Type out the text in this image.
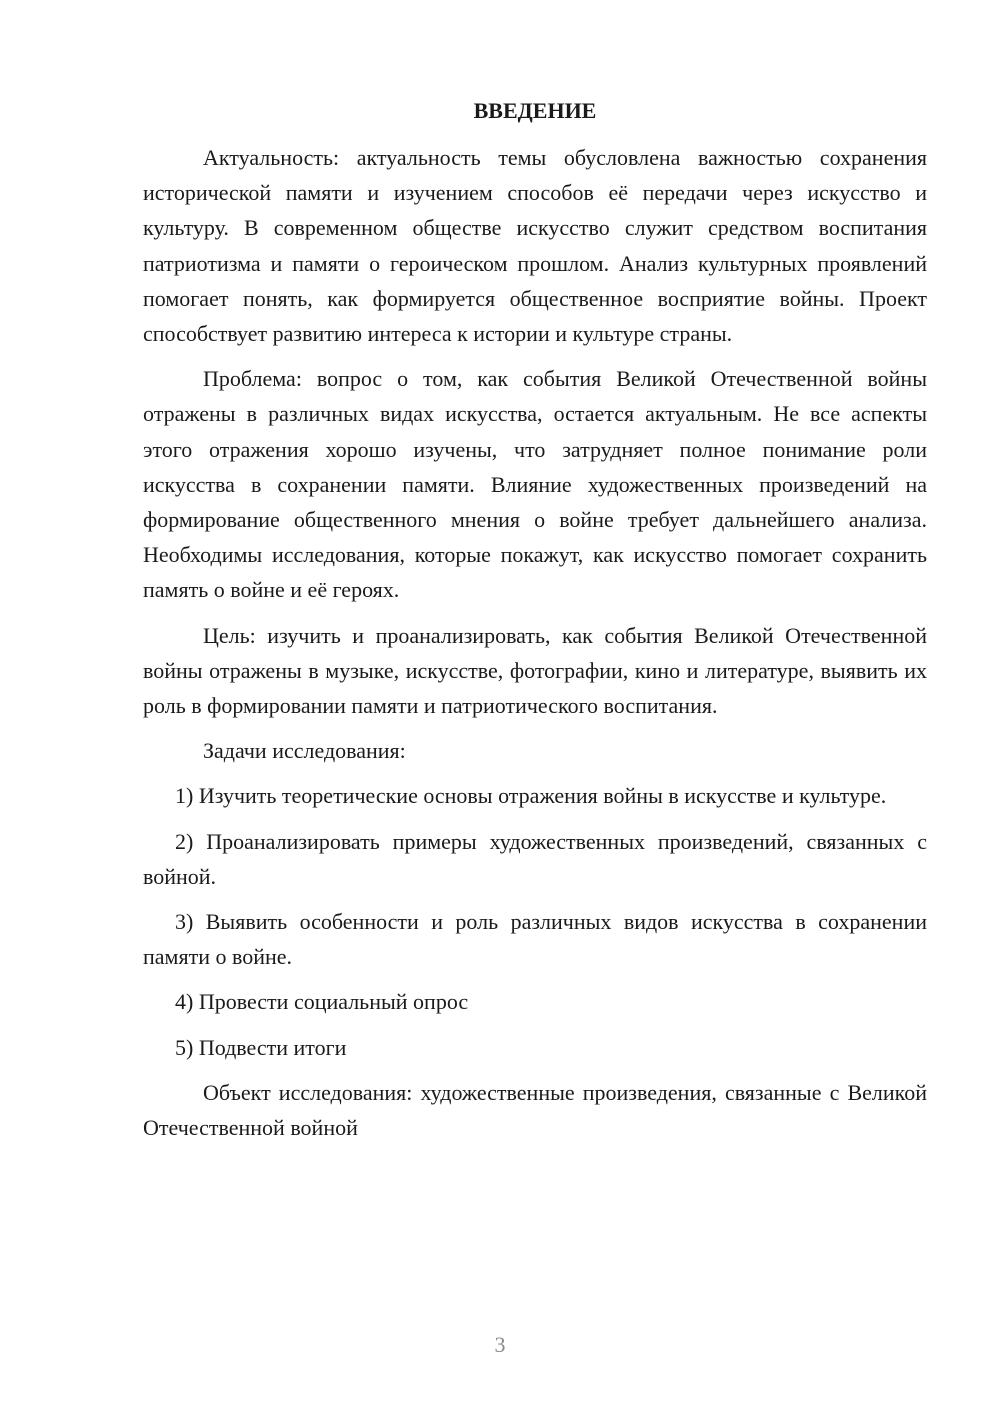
ВВЕДЕНИЕ

Актуальность: актуальность темы обусловлена важностью сохранения исторической памяти и изучением способов её передачи через искусство и культуру. В современном обществе искусство служит средством воспитания патриотизма и памяти о героическом прошлом. Анализ культурных проявлений помогает понять, как формируется общественное восприятие войны. Проект способствует развитию интереса к истории и культуре страны.

Проблема: вопрос о том, как события Великой Отечественной войны отражены в различных видах искусства, остается актуальным. Не все аспекты этого отражения хорошо изучены, что затрудняет полное понимание роли искусства в сохранении памяти. Влияние художественных произведений на формирование общественного мнения о войне требует дальнейшего анализа. Необходимы исследования, которые покажут, как искусство помогает сохранить память о войне и её героях.

Цель: изучить и проанализировать, как события Великой Отечественной войны отражены в музыке, искусстве, фотографии, кино и литературе, выявить их роль в формировании памяти и патриотического воспитания.

Задачи исследования:

1) Изучить теоретические основы отражения войны в искусстве и культуре.

2) Проанализировать примеры художественных произведений, связанных с войной.

3) Выявить особенности и роль различных видов искусства в сохранении памяти о войне.

4) Провести социальный опрос

5) Подвести итоги

Объект исследования: художественные произведения, связанные с Великой Отечественной войной

3
